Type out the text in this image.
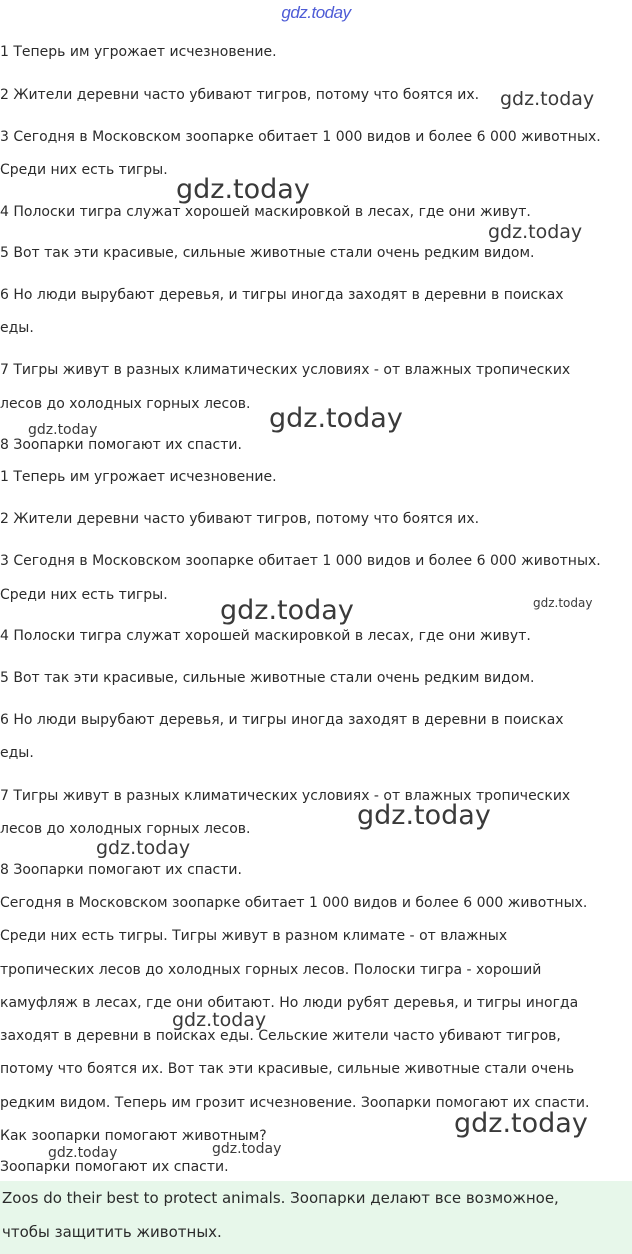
gdz.today
1 Теперь им угрожает исчезновение.
2 Жители деревни часто убивают тигров, потому что боятся их.
3 Сегодня в Московском зоопарке обитает 1 000 видов и более 6 000 животных.
Среди них есть тигры.
4 Полоски тигра служат хорошей маскировкой в лесах, где они живут.
5 Вот так эти красивые, сильные животные стали очень редким видом.
6 Но люди вырубают деревья, и тигры иногда заходят в деревни в поисках
еды.
7 Тигры живут в разных климатических условиях - от влажных тропических
лесов до холодных горных лесов.
8 Зоопарки помогают их спасти.
1 Теперь им угрожает исчезновение.
2 Жители деревни часто убивают тигров, потому что боятся их.
3 Сегодня в Московском зоопарке обитает 1 000 видов и более 6 000 животных.
Среди них есть тигры.
4 Полоски тигра служат хорошей маскировкой в лесах, где они живут.
5 Вот так эти красивые, сильные животные стали очень редким видом.
6 Но люди вырубают деревья, и тигры иногда заходят в деревни в поисках
еды.
7 Тигры живут в разных климатических условиях - от влажных тропических
лесов до холодных горных лесов.
8 Зоопарки помогают их спасти.
Сегодня в Московском зоопарке обитает 1 000 видов и более 6 000 животных.
Среди них есть тигры. Тигры живут в разном климате - от влажных
тропических лесов до холодных горных лесов. Полоски тигра - хороший
камуфляж в лесах, где они обитают. Но люди рубят деревья, и тигры иногда
заходят в деревни в поисках еды. Сельские жители часто убивают тигров,
потому что боятся их. Вот так эти красивые, сильные животные стали очень
редким видом. Теперь им грозит исчезновение. Зоопарки помогают их спасти.
Как зоопарки помогают животным?
Зоопарки помогают их спасти.
Zoos do their best to protect animals. Зоопарки делают все возможное,
чтобы защитить животных.
gdz.today
gdz.today
gdz.today
gdz.today
gdz.today
gdz.today	gdz.today
gdz.today
gdz.today
gdz.today
gdz.today
gdz.today
gdz.today
